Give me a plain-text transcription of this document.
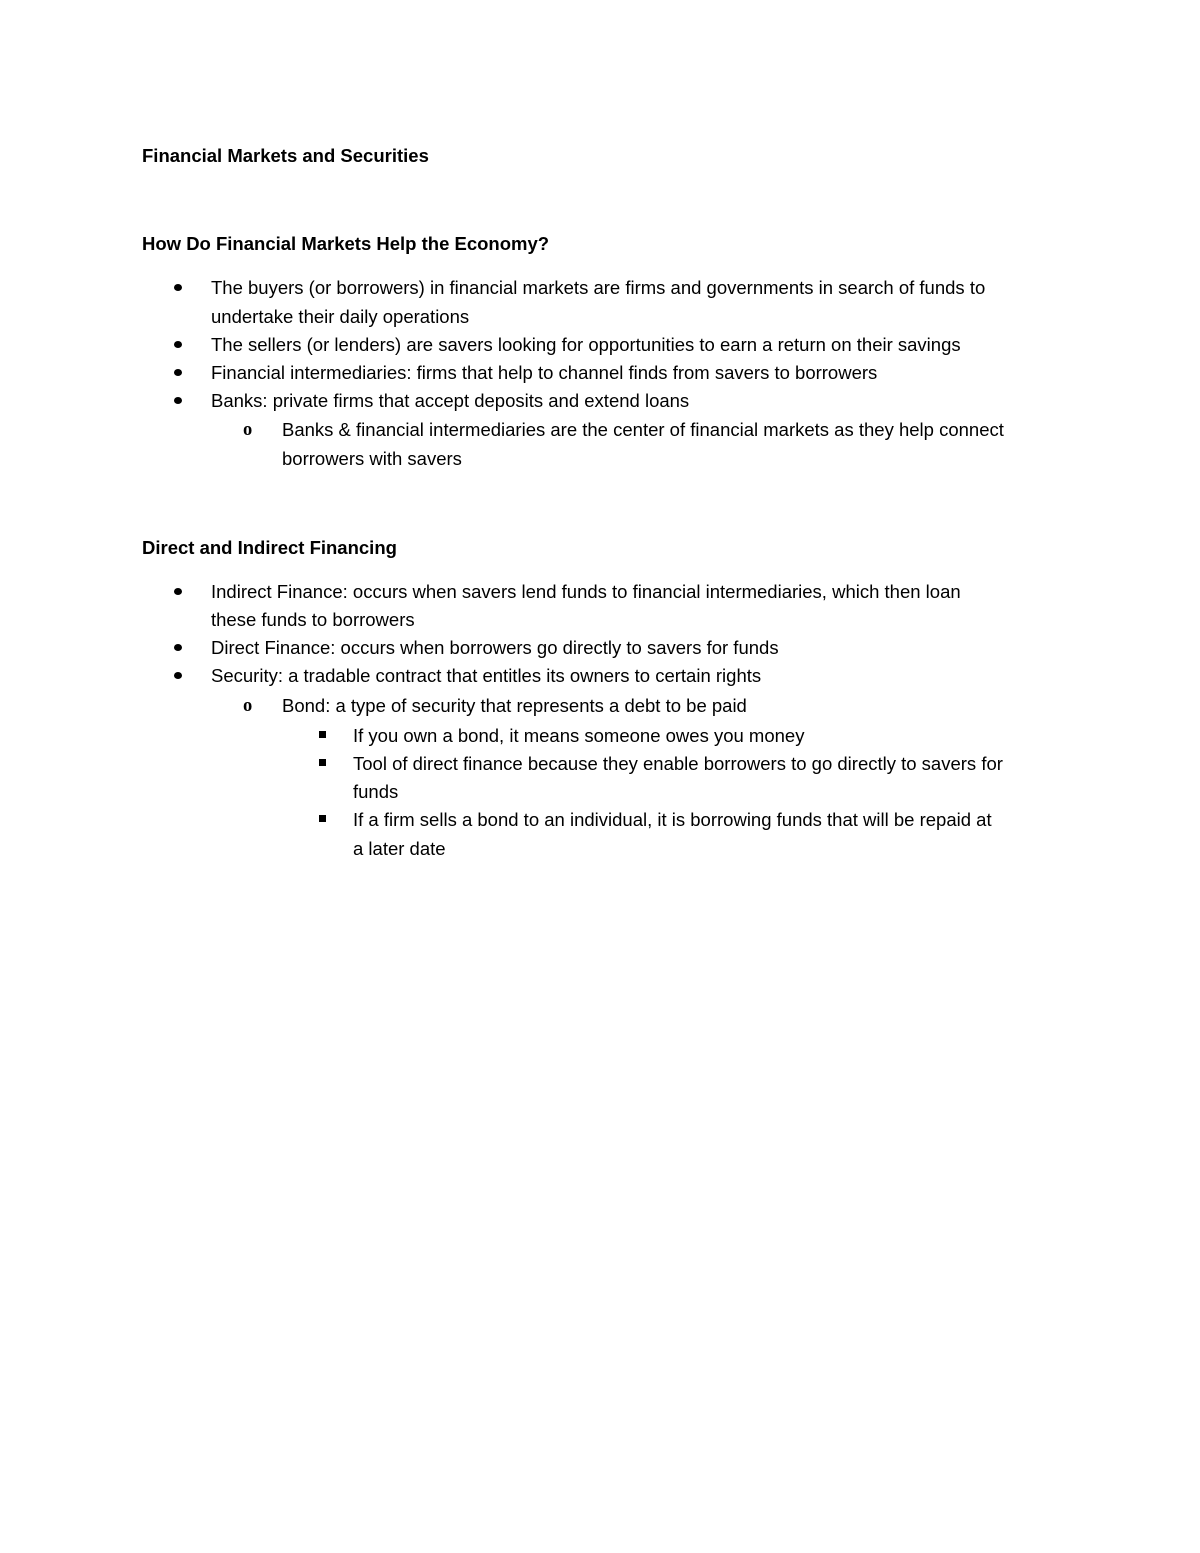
Financial Markets and Securities
How Do Financial Markets Help the Economy?
The buyers (or borrowers) in financial markets are firms and governments in search of funds to
undertake their daily operations
The sellers (or lenders) are savers looking for opportunities to earn a return on their savings
Financial intermediaries: firms that help to channel finds from savers to borrowers
Banks: private firms that accept deposits and extend loans
o Banks & financial intermediaries are the center of financial markets as they help connect
borrowers with savers
Direct and Indirect Financing
Indirect Finance: occurs when savers lend funds to financial intermediaries, which then loan
these funds to borrowers
Direct Finance: occurs when borrowers go directly to savers for funds
Security: a tradable contract that entitles its owners to certain rights
o Bond: a type of security that represents a debt to be paid
If you own a bond, it means someone owes you money
Tool of direct finance because they enable borrowers to go directly to savers for
funds
If a firm sells a bond to an individual, it is borrowing funds that will be repaid at
a later date
